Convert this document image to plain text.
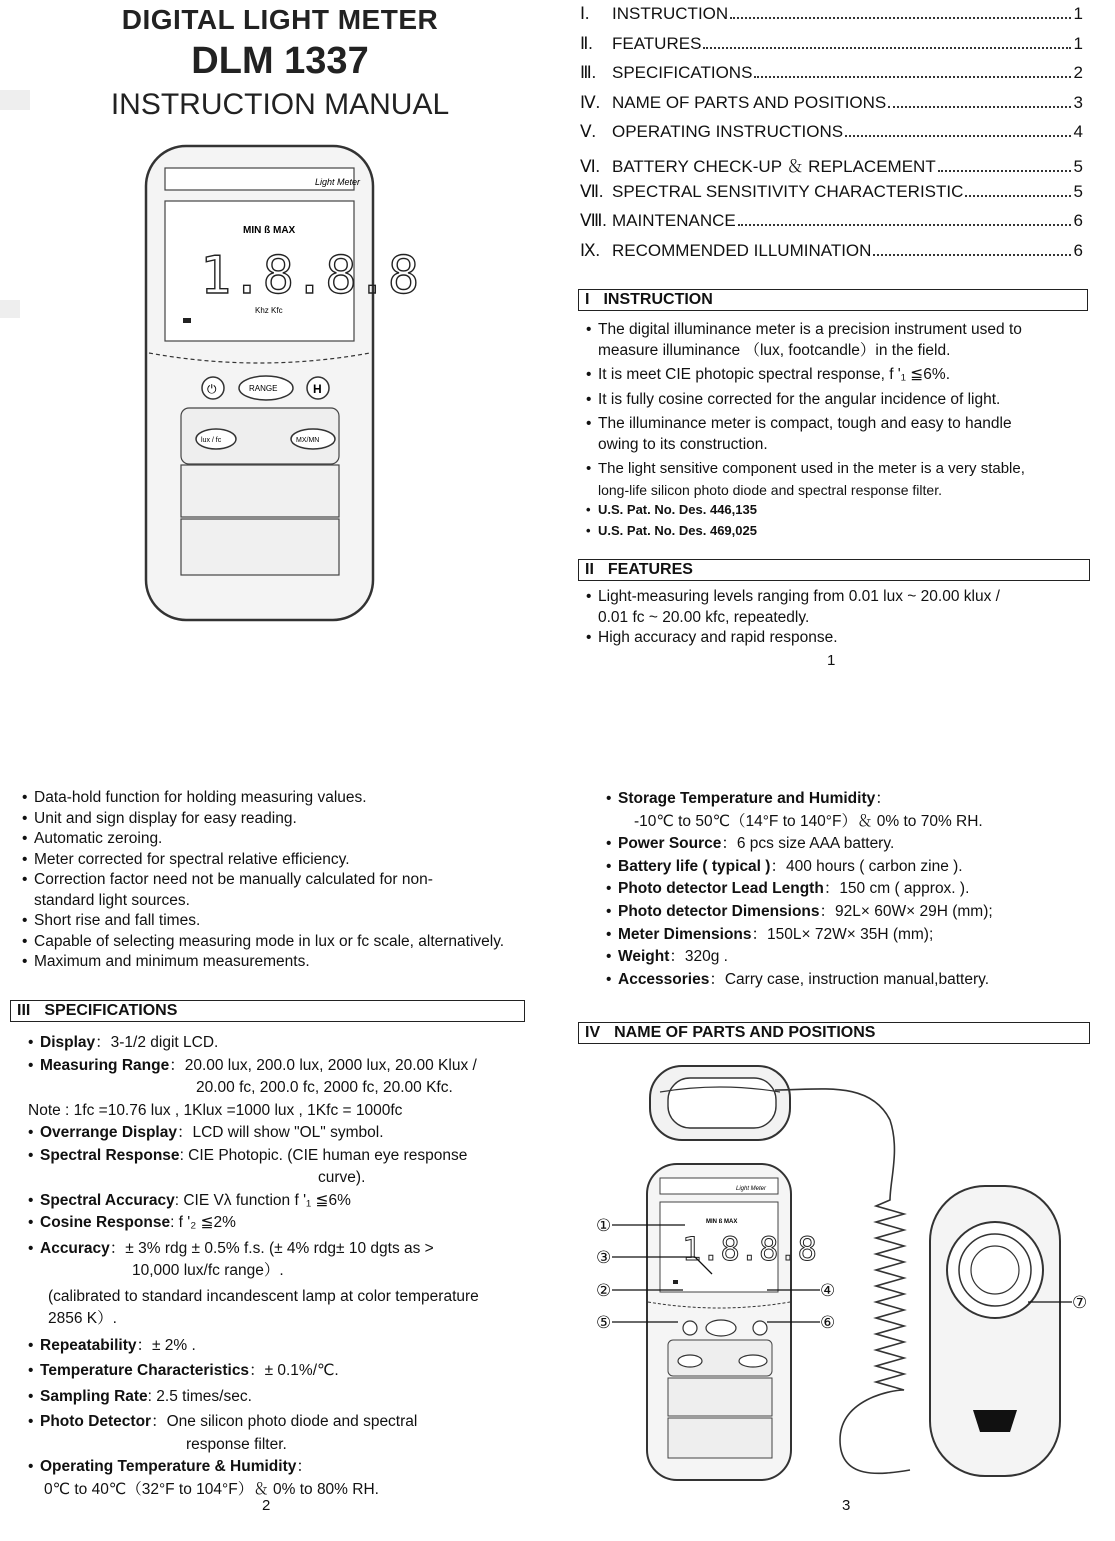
DIGITAL LIGHT METER
DLM 1337
INSTRUCTION MANUAL
Light Meter
MIN ß MAX
1.8.8.8
Khz Kfc
⏻	RANGE	H
lux / fc	MX/MN
Ⅰ.	INSTRUCTION	1
Ⅱ.	FEATURES	1
Ⅲ. SPECIFICATIONS	2
Ⅳ. NAME OF PARTS AND POSITIONS	3
Ⅴ. OPERATING INSTRUCTIONS	4
Ⅵ. BATTERY CHECK-UP ＆ REPLACEMENT	5
Ⅶ. SPECTRAL SENSITIVITY CHARACTERISTIC	5
Ⅷ. MAINTENANCE	6
Ⅸ. RECOMMENDED ILLUMINATION	6
I INSTRUCTION
• The digital illuminance meter is a precision instrument used to
measure illuminance （lux, footcandle）in the field.
• It is meet CIE photopic spectral response, f '₁ ≦6%.
• It is fully cosine corrected for the angular incidence of light.
• The illuminance meter is compact, tough and easy to handle
owing to its construction.
• The light sensitive component used in the meter is a very stable,
long-life silicon photo diode and spectral response filter.
• U.S. Pat. No. Des. 446,135
• U.S. Pat. No. Des. 469,025
II FEATURES
• Light-measuring levels ranging from 0.01 lux ~ 20.00 klux /
0.01 fc ~ 20.00 kfc, repeatedly.
• High accuracy and rapid response.
1
• Data-hold function for holding measuring values.
• Unit and sign display for easy reading.
• Automatic zeroing.
• Meter corrected for spectral relative efficiency.
• Correction factor need not be manually calculated for non-
standard light sources.
• Short rise and fall times.
• Capable of selecting measuring mode in lux or fc scale, alternatively.
• Maximum and minimum measurements.
III SPECIFICATIONS
• Display：3-1/2 digit LCD.
• Measuring Range：20.00 lux, 200.0 lux, 2000 lux, 20.00 Klux /
20.00 fc, 200.0 fc, 2000 fc, 20.00 Kfc.
Note : 1fc =10.76 lux , 1Klux =1000 lux , 1Kfc = 1000fc
• Overrange Display：LCD will show "OL" symbol.
• Spectral Response: CIE Photopic. (CIE human eye response
curve).
• Spectral Accuracy: CIE Vλ function f '₁ ≦6%
• Cosine Response: f '₂ ≦2%
• Accuracy：± 3% rdg ± 0.5% f.s. (± 4% rdg± 10 dgts as >
10,000 lux/fc range）.
(calibrated to standard incandescent lamp at color temperature
2856 K）.
• Repeatability：± 2% .
• Temperature Characteristics：± 0.1%/℃.
• Sampling Rate: 2.5 times/sec.
• Photo Detector：One silicon photo diode and spectral
response filter.
• Operating Temperature & Humidity：
0℃ to 40℃（32°F to 104°F）＆ 0% to 80% RH.
2
• Storage Temperature and Humidity：
-10℃ to 50℃（14°F to 140°F）＆ 0% to 70% RH.
• Power Source：6 pcs size AAA battery.
• Battery life ( typical )：400 hours ( carbon zine ).
• Photo detector Lead Length：150 cm ( approx. ).
• Photo detector Dimensions：92L× 60W× 29H (mm);
• Meter Dimensions：150L× 72W× 35H (mm);
• Weight：320g .
• Accessories：Carry case, instruction manual,battery.
IV NAME OF PARTS AND POSITIONS
Light Meter
MIN ß MAX
1.8.8.8
①
②
③
④
⑤	⑥
⑦
3
